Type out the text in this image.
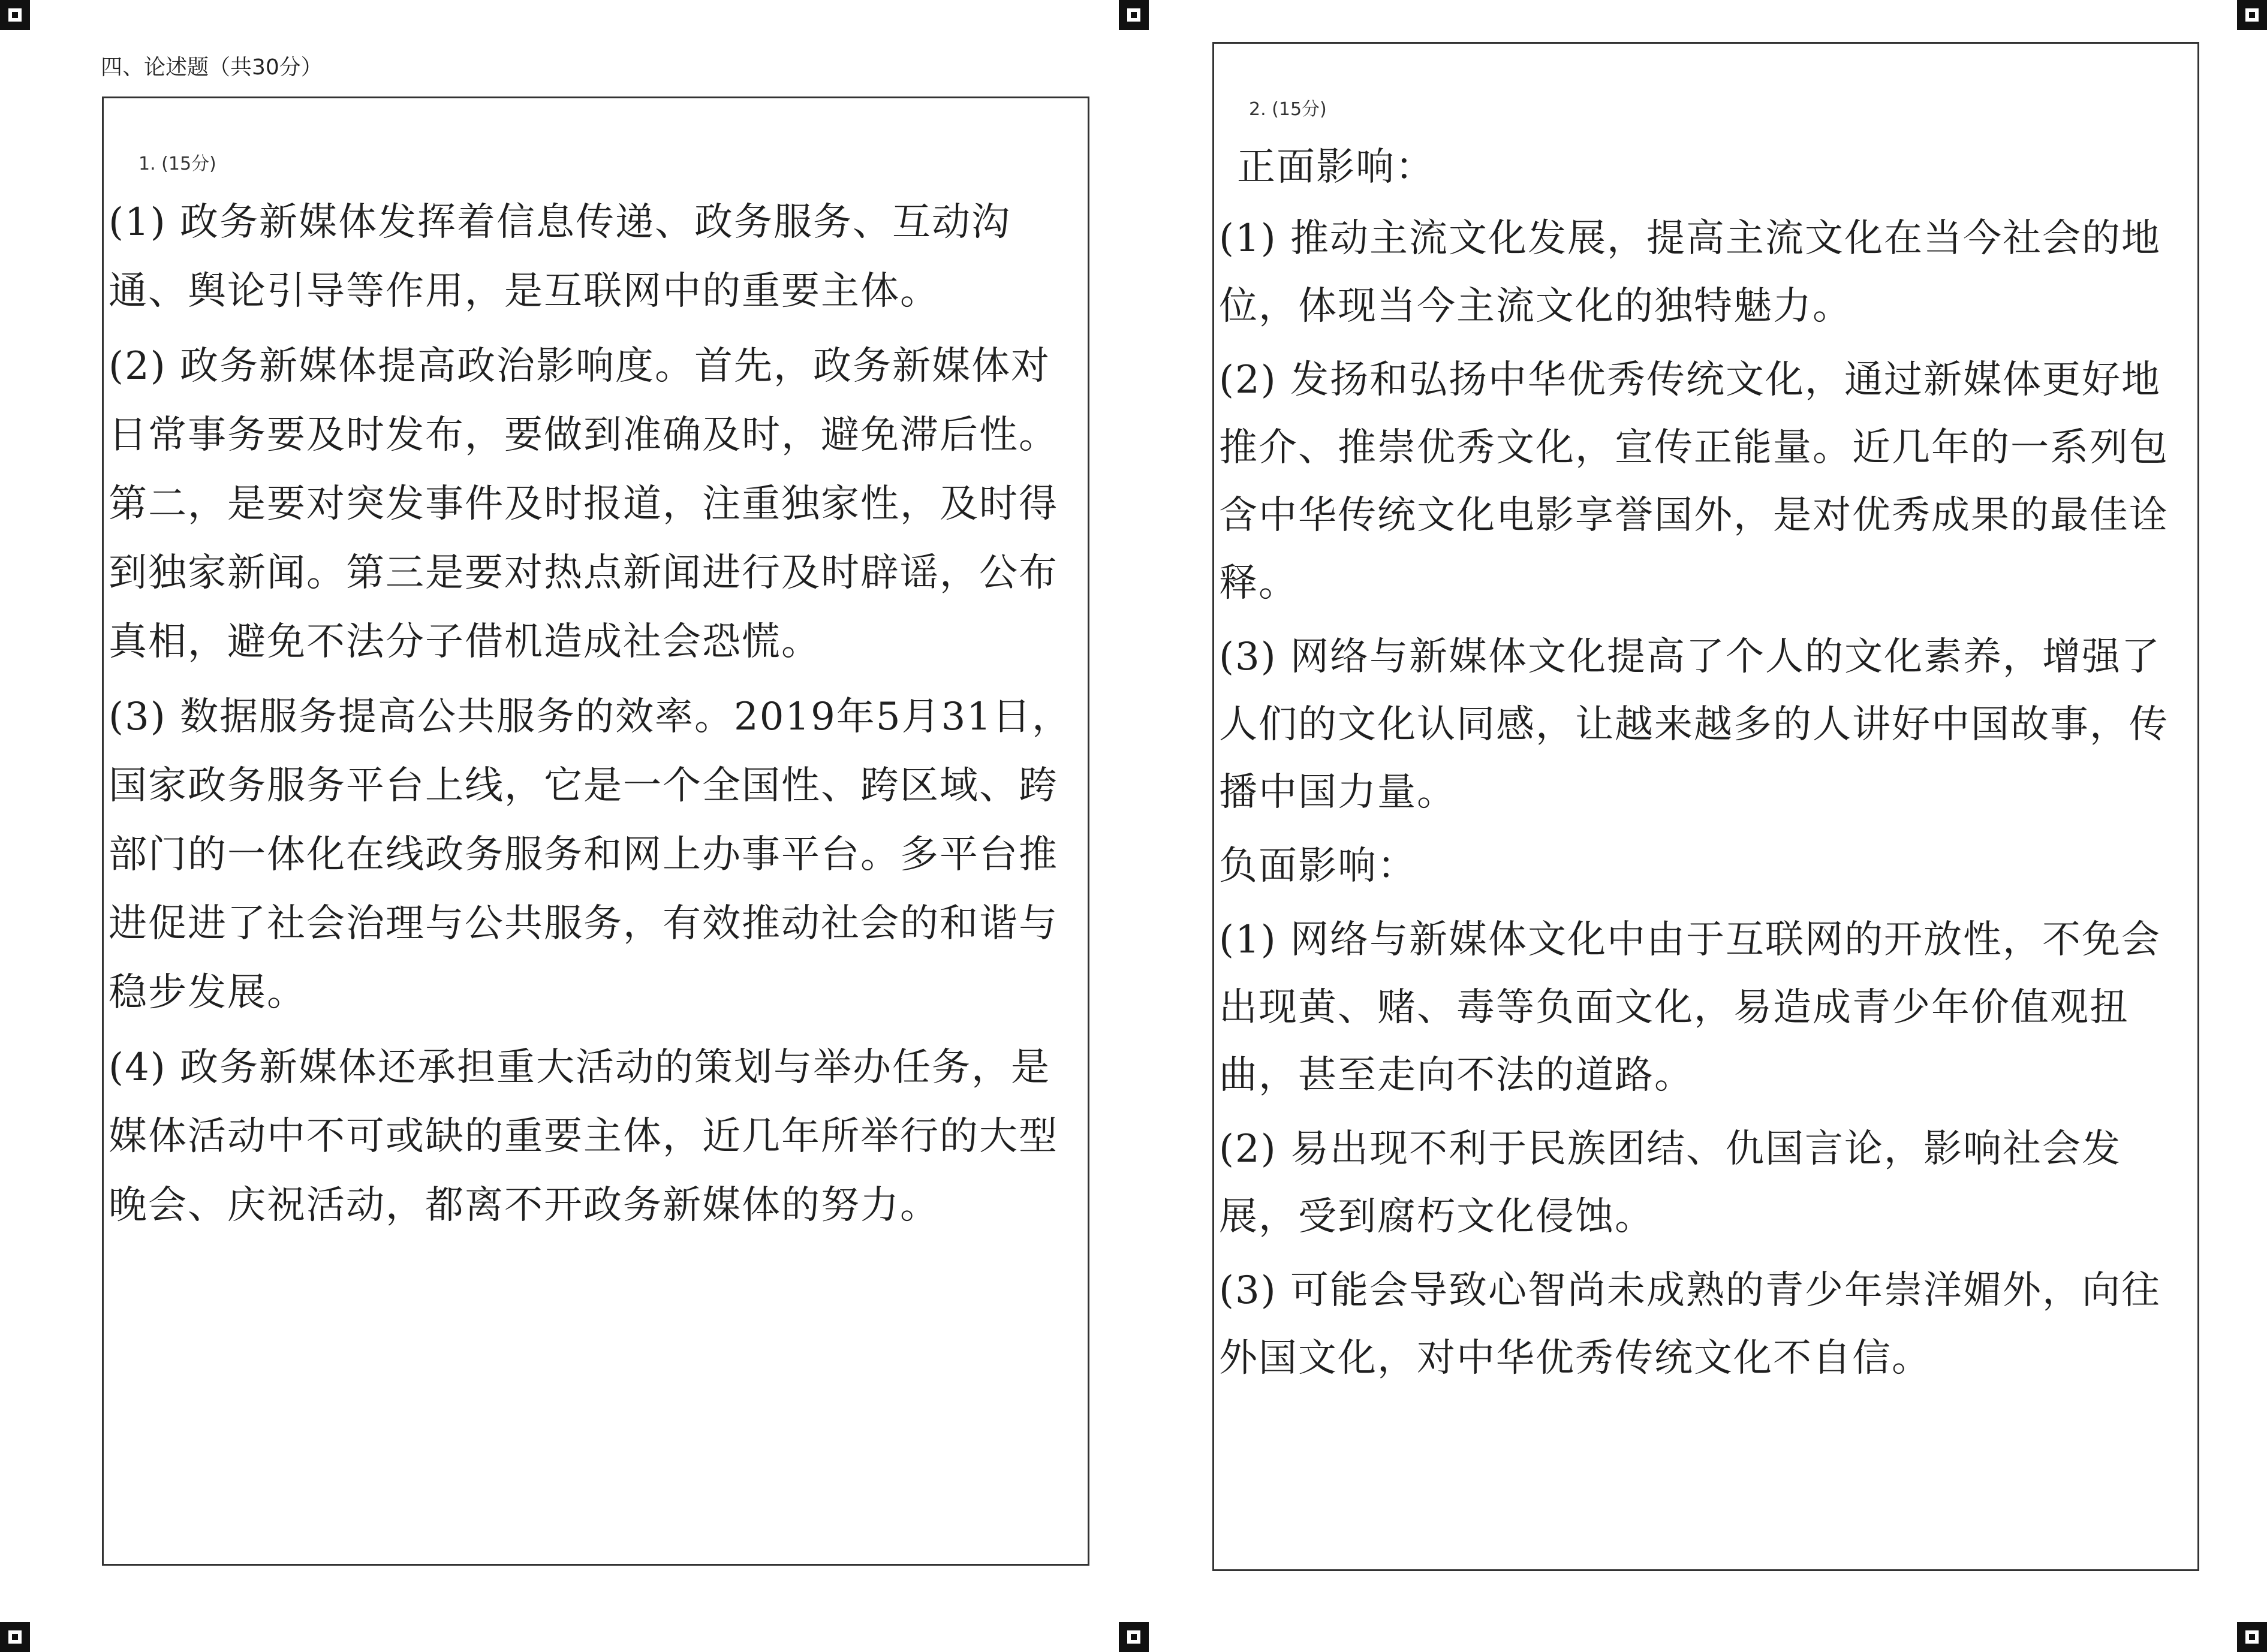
四、论述题（共30分）
1. (15分)

(1) 政务新媒体发挥着信息传递、政务服务、互动沟通、舆论引导等作用，是互联网中的重要主体。

(2) 政务新媒体提高政治影响度。首先，政务新媒体对日常事务要及时发布，要做到准确及时，避免滞后性。第二，是要对突发事件及时报道，注重独家性，及时得到独家新闻。第三是要对热点新闻进行及时辟谣，公布真相，避免不法分子借机造成社会恐慌。

(3) 数据服务提高公共服务的效率。2019年5月31日，国家政务服务平台上线，它是一个全国性、跨区域、跨部门的一体化在线政务服务和网上办事平台。多平台推进促进了社会治理与公共服务，有效推动社会的和谐与稳步发展。

(4) 政务新媒体还承担重大活动的策划与举办任务，是媒体活动中不可或缺的重要主体，近几年所举行的大型晚会、庆祝活动，都离不开政务新媒体的努力。

2. (15分)

正面影响：

(1) 推动主流文化发展，提高主流文化在当今社会的地位，体现当今主流文化的独特魅力。

(2) 发扬和弘扬中华优秀传统文化，通过新媒体更好地推介、推崇优秀文化，宣传正能量。近几年的一系列包含中华传统文化电影享誉国外，是对优秀成果的最佳诠释。

(3) 网络与新媒体文化提高了个人的文化素养，增强了人们的文化认同感，让越来越多的人讲好中国故事，传播中国力量。

负面影响：

(1) 网络与新媒体文化中由于互联网的开放性，不免会出现黄、赌、毒等负面文化，易造成青少年价值观扭曲，甚至走向不法的道路。

(2) 易出现不利于民族团结、仇国言论，影响社会发展，受到腐朽文化侵蚀。

(3) 可能会导致心智尚未成熟的青少年崇洋媚外，向往外国文化，对中华优秀传统文化不自信。
